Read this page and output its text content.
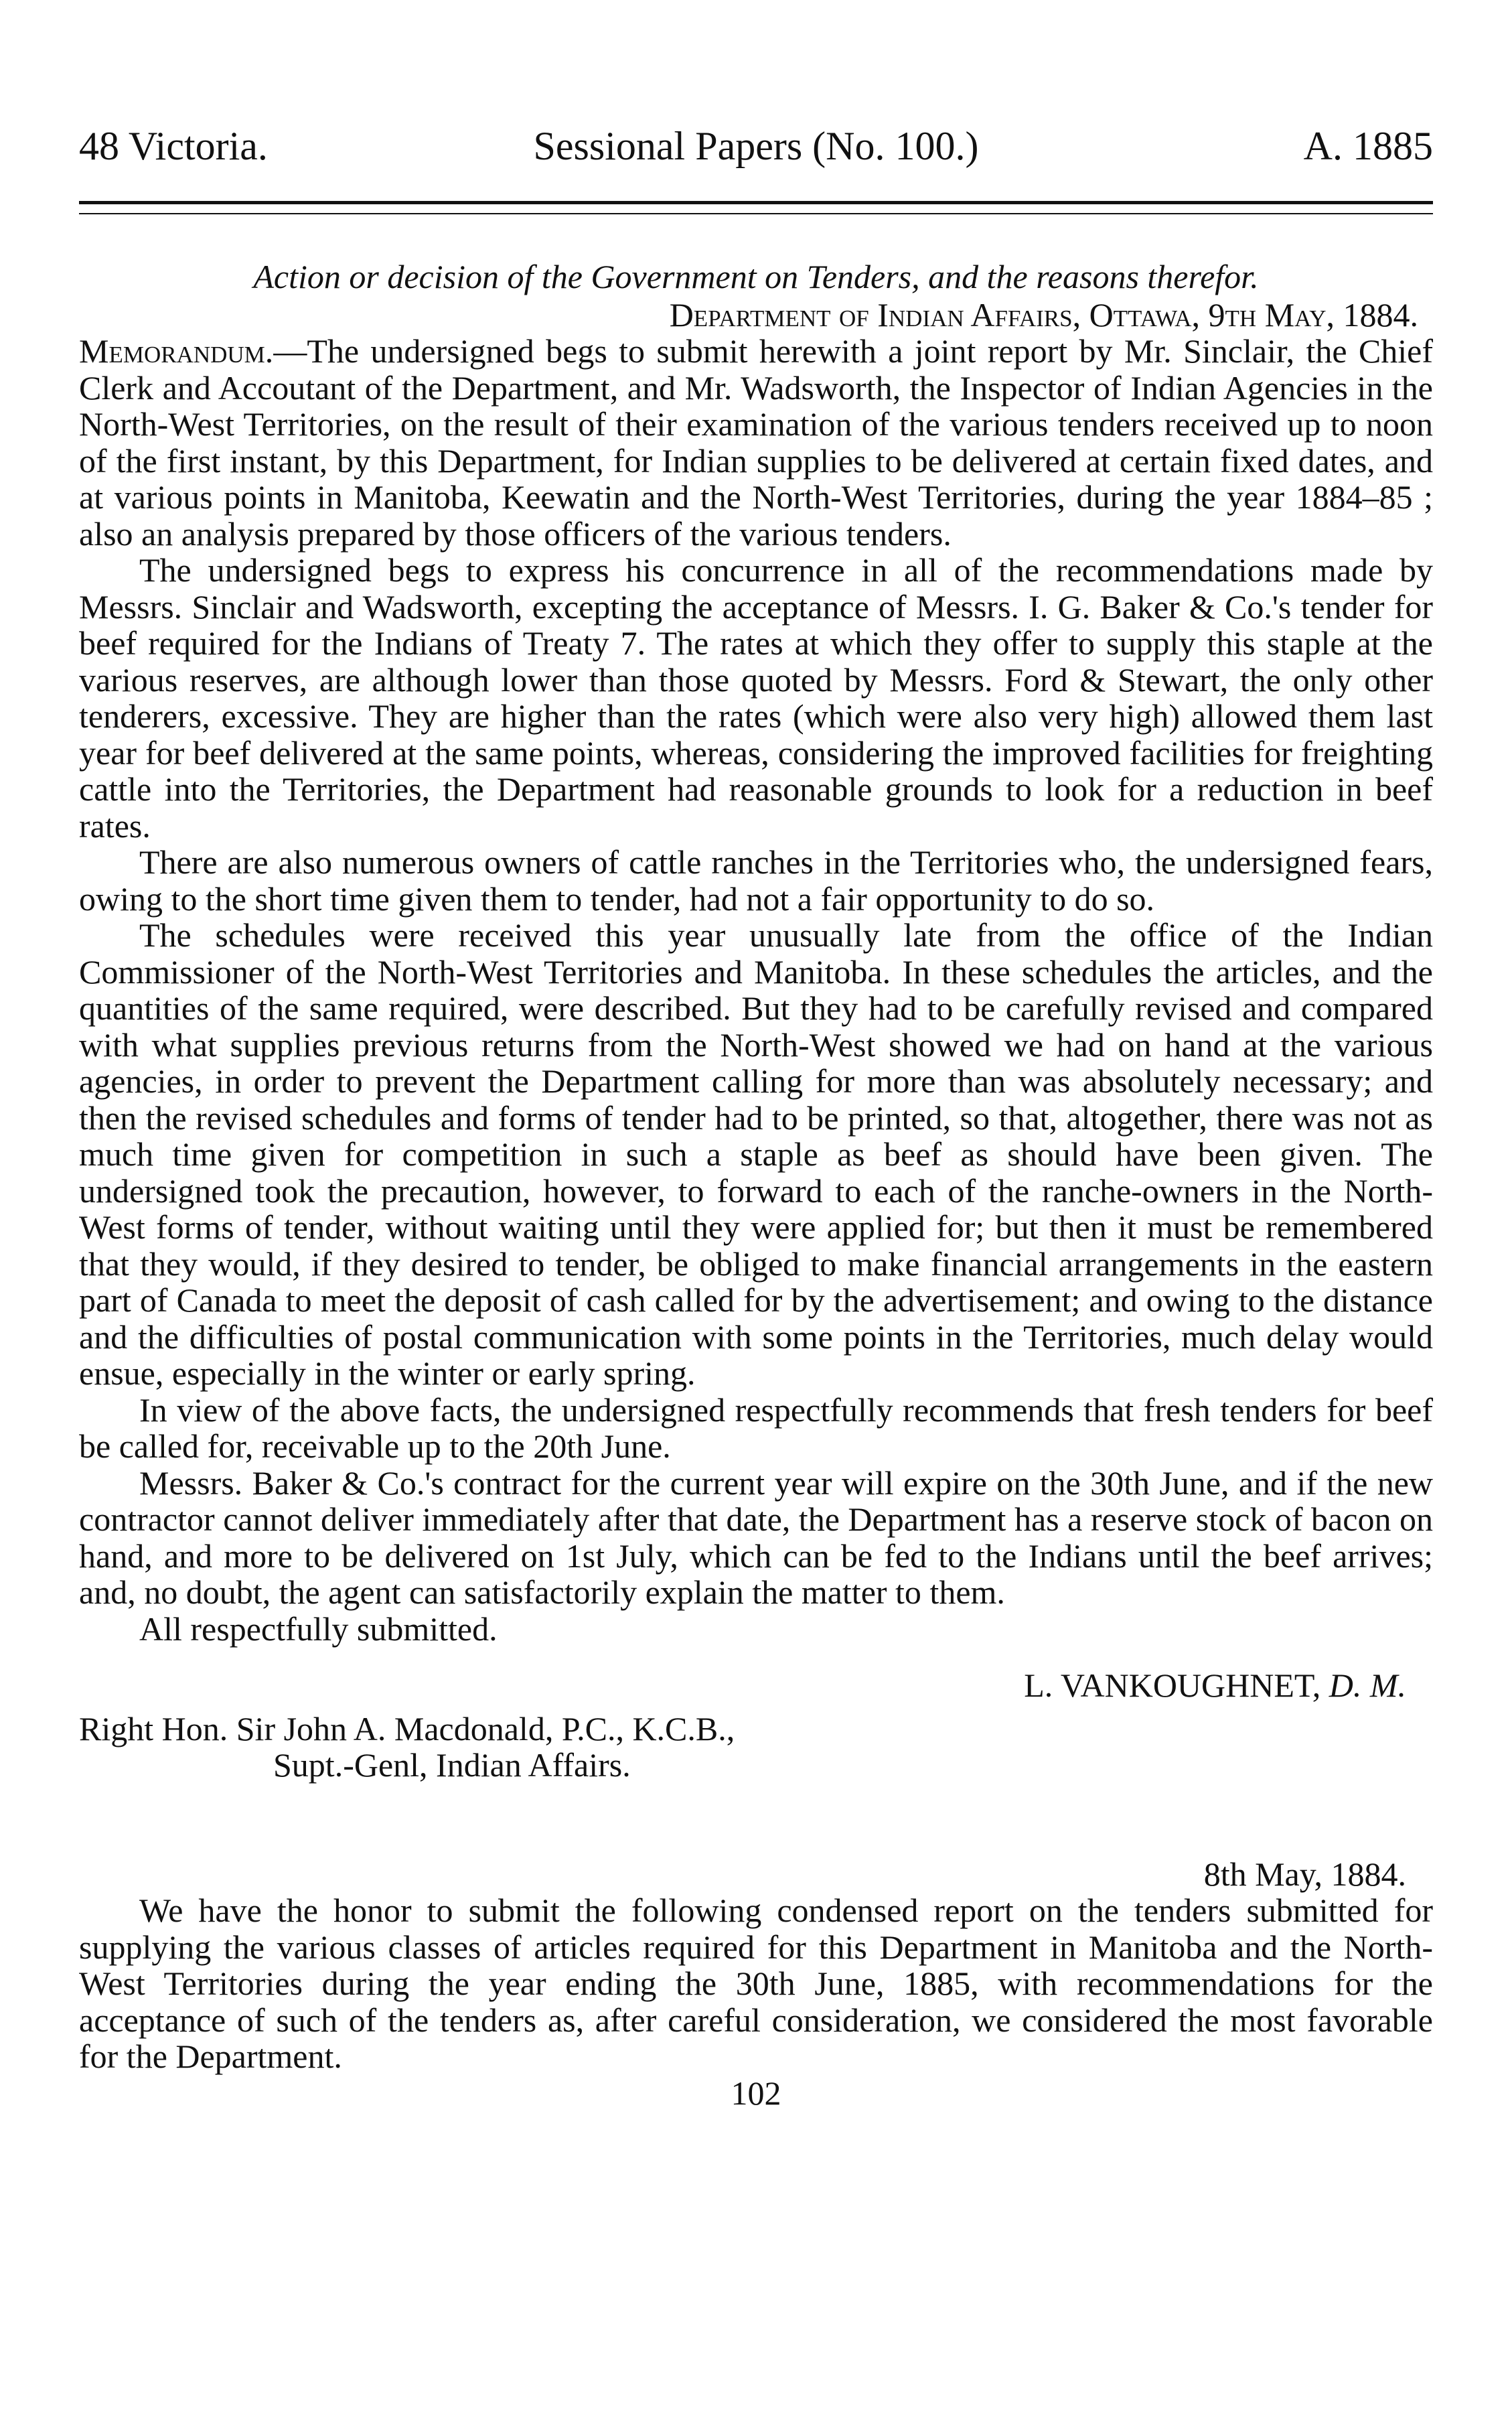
48 Victoria.	Sessional Papers (No. 100.)	A. 1885

Action or decision of the Government on Tenders, and the reasons therefor.

Department of Indian Affairs, Ottawa, 9th May, 1884.

Memorandum.—The undersigned begs to submit herewith a joint report by Mr. Sinclair, the Chief Clerk and Accoutant of the Department, and Mr. Wadsworth, the Inspector of Indian Agencies in the North-West Territories, on the result of their examination of the various tenders received up to noon of the first instant, by this Department, for Indian supplies to be delivered at certain fixed dates, and at various points in Manitoba, Keewatin and the North-West Territories, during the year 1884–85 ; also an analysis prepared by those officers of the various tenders.

The undersigned begs to express his concurrence in all of the recommendations made by Messrs. Sinclair and Wadsworth, excepting the acceptance of Messrs. I. G. Baker & Co.'s tender for beef required for the Indians of Treaty 7. The rates at which they offer to supply this staple at the various reserves, are although lower than those quoted by Messrs. Ford & Stewart, the only other tenderers, excessive. They are higher than the rates (which were also very high) allowed them last year for beef delivered at the same points, whereas, considering the improved facilities for freighting cattle into the Territories, the Department had reasonable grounds to look for a reduction in beef rates.

There are also numerous owners of cattle ranches in the Territories who, the undersigned fears, owing to the short time given them to tender, had not a fair opportunity to do so.

The schedules were received this year unusually late from the office of the Indian Commissioner of the North-West Territories and Manitoba. In these schedules the articles, and the quantities of the same required, were described. But they had to be carefully revised and compared with what supplies previous returns from the North-West showed we had on hand at the various agencies, in order to prevent the Department calling for more than was absolutely necessary; and then the revised schedules and forms of tender had to be printed, so that, altogether, there was not as much time given for competition in such a staple as beef as should have been given. The undersigned took the precaution, however, to forward to each of the ranche-owners in the North-West forms of tender, without waiting until they were applied for; but then it must be remembered that they would, if they desired to tender, be obliged to make financial arrangements in the eastern part of Canada to meet the deposit of cash called for by the advertisement; and owing to the distance and the difficulties of postal communication with some points in the Territories, much delay would ensue, especially in the winter or early spring.

In view of the above facts, the undersigned respectfully recommends that fresh tenders for beef be called for, receivable up to the 20th June.

Messrs. Baker & Co.'s contract for the current year will expire on the 30th June, and if the new contractor cannot deliver immediately after that date, the Department has a reserve stock of bacon on hand, and more to be delivered on 1st July, which can be fed to the Indians until the beef arrives; and, no doubt, the agent can satisfactorily explain the matter to them.

All respectfully submitted.

L. VANKOUGHNET, D. M.

Right Hon. Sir John A. Macdonald, P.C., K.C.B.,

Supt.-Genl, Indian Affairs.

8th May, 1884.

We have the honor to submit the following condensed report on the tenders submitted for supplying the various classes of articles required for this Department in Manitoba and the North-West Territories during the year ending the 30th June, 1885, with recommendations for the acceptance of such of the tenders as, after careful consideration, we considered the most favorable for the Department.

102
